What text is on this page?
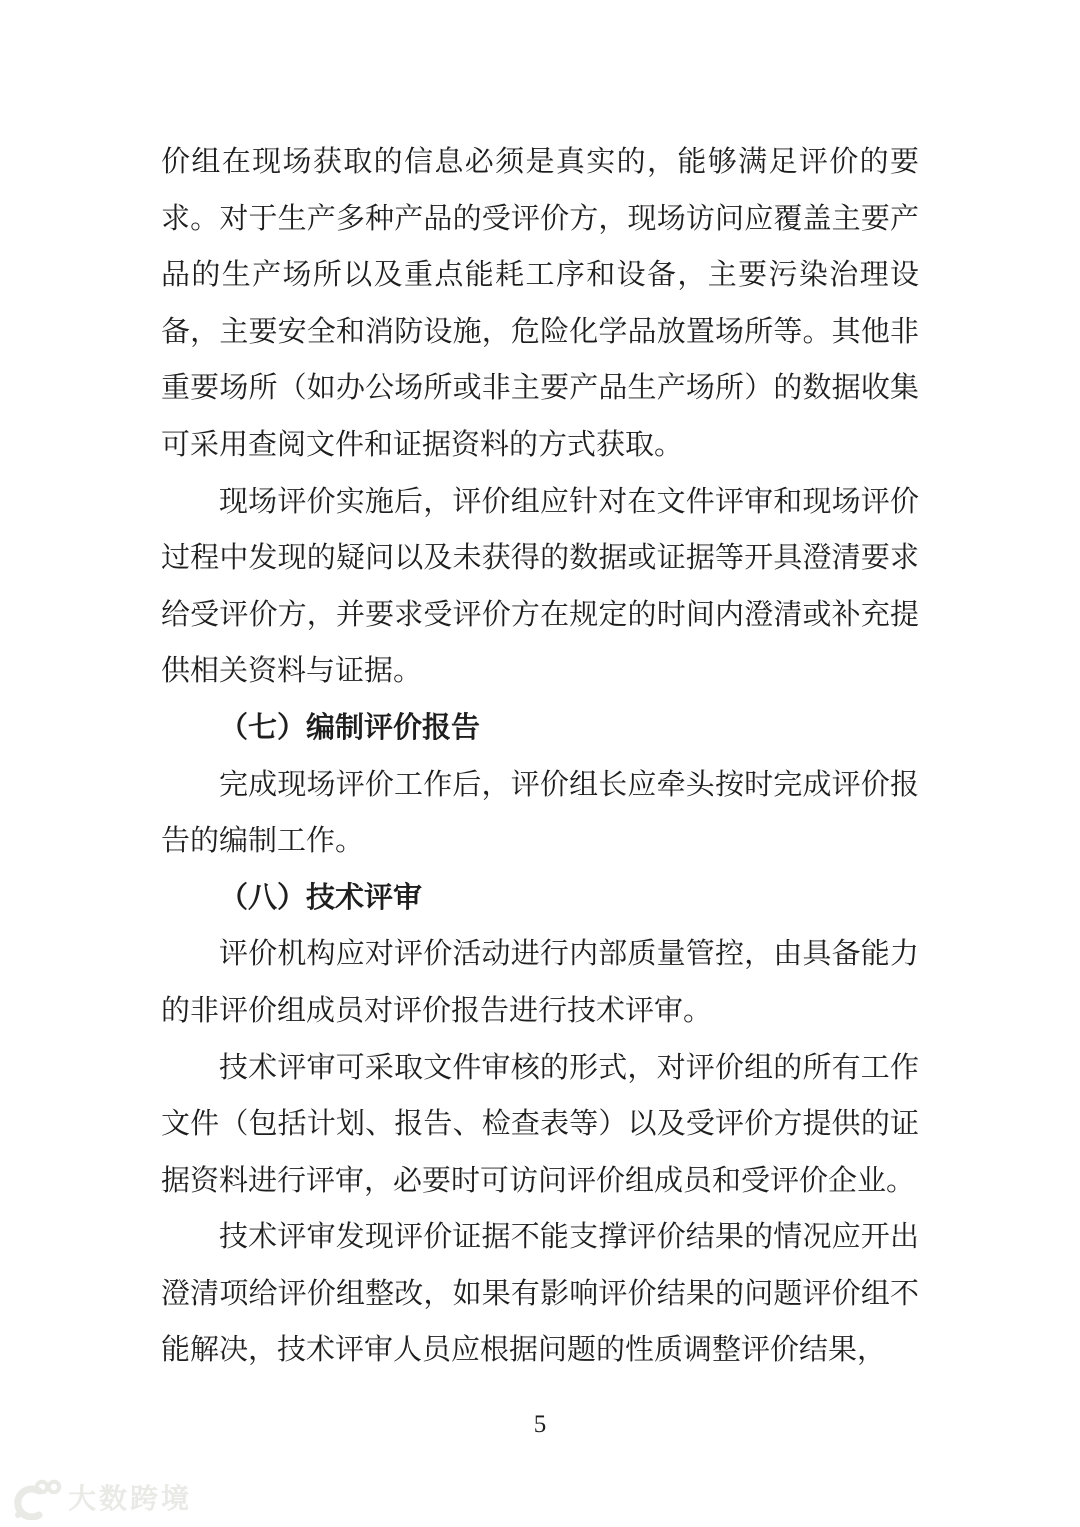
价组在现场获取的信息必须是真实的，能够满足评价的要求。对于生产多种产品的受评价方，现场访问应覆盖主要产品的生产场所以及重点能耗工序和设备，主要污染治理设备，主要安全和消防设施，危险化学品放置场所等。其他非重要场所（如办公场所或非主要产品生产场所）的数据收集可采用查阅文件和证据资料的方式获取。

现场评价实施后，评价组应针对在文件评审和现场评价过程中发现的疑问以及未获得的数据或证据等开具澄清要求给受评价方，并要求受评价方在规定的时间内澄清或补充提供相关资料与证据。

（七）编制评价报告

完成现场评价工作后，评价组长应牵头按时完成评价报告的编制工作。

（八）技术评审

评价机构应对评价活动进行内部质量管控，由具备能力的非评价组成员对评价报告进行技术评审。

技术评审可采取文件审核的形式，对评价组的所有工作文件（包括计划、报告、检查表等）以及受评价方提供的证据资料进行评审，必要时可访问评价组成员和受评价企业。

技术评审发现评价证据不能支撑评价结果的情况应开出澄清项给评价组整改，如果有影响评价结果的问题评价组不能解决，技术评审人员应根据问题的性质调整评价结果，

5
大数跨境
